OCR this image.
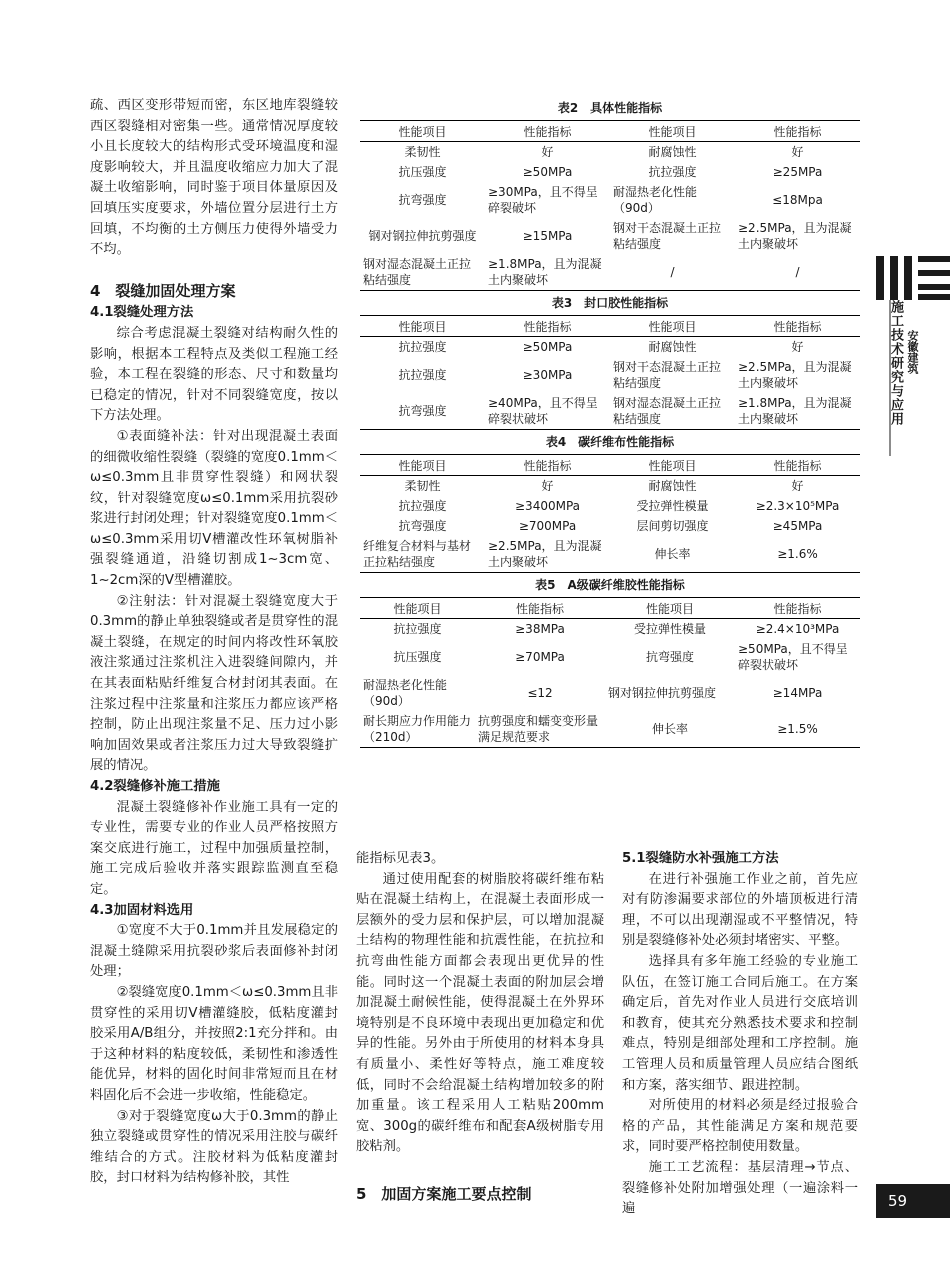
疏、西区变形带短而密，东区地库裂缝较西区裂缝相对密集一些。通常情况厚度较小且长度较大的结构形式受环境温度和湿度影响较大，并且温度收缩应力加大了混凝土收缩影响，同时鉴于项目体量原因及回填压实度要求，外墙位置分层进行土方回填，不均衡的土方侧压力使得外墙受力不均。

4　裂缝加固处理方案

4.1裂缝处理方法

综合考虑混凝土裂缝对结构耐久性的影响，根据本工程特点及类似工程施工经验，本工程在裂缝的形态、尺寸和数量均已稳定的情况，针对不同裂缝宽度，按以下方法处理。

①表面缝补法：针对出现混凝土表面的细微收缩性裂缝（裂缝的宽度0.1mm＜ω≤0.3mm且非贯穿性裂缝）和网状裂纹，针对裂缝宽度ω≤0.1mm采用抗裂砂浆进行封闭处理；针对裂缝宽度0.1mm＜ω≤0.3mm采用切V槽灌改性环氧树脂补强裂缝通道，沿缝切割成1~3cm宽、1~2cm深的V型槽灌胶。

②注射法：针对混凝土裂缝宽度大于0.3mm的静止单独裂缝或者是贯穿性的混凝土裂缝，在规定的时间内将改性环氧胶液注浆通过注浆机注入进裂缝间隙内，并在其表面粘贴纤维复合材封闭其表面。在注浆过程中注浆量和注浆压力都应该严格控制，防止出现注浆量不足、压力过小影响加固效果或者注浆压力过大导致裂缝扩展的情况。

4.2裂缝修补施工措施

混凝土裂缝修补作业施工具有一定的专业性，需要专业的作业人员严格按照方案交底进行施工，过程中加强质量控制，施工完成后验收并落实跟踪监测直至稳定。

4.3加固材料选用

①宽度不大于0.1mm并且发展稳定的混凝土缝隙采用抗裂砂浆后表面修补封闭处理；

②裂缝宽度0.1mm＜ω≤0.3mm且非贯穿性的采用切V槽灌缝胶，低粘度灌封胶采用A/B组分，并按照2:1充分拌和。由于这种材料的粘度较低，柔韧性和渗透性能优异，材料的固化时间非常短而且在材料固化后不会进一步收缩，性能稳定。

③对于裂缝宽度ω大于0.3mm的静止独立裂缝或贯穿性的情况采用注胶与碳纤维结合的方式。注胶材料为低粘度灌封胶，封口材料为结构修补胶，其性

表2　具体性能指标
性能项目	性能指标	性能项目	性能指标
柔韧性	好	耐腐蚀性	好
抗压强度	≥50MPa	抗拉强度	≥25MPa
抗弯强度	≥30MPa，且不得呈碎裂破坏	耐湿热老化性能（90d）	≤18Mpa
钢对钢拉伸抗剪强度	≥15MPa	钢对干态混凝土正拉粘结强度	≥2.5MPa，且为混凝土内聚破坏
钢对湿态混凝土正拉粘结强度	≥1.8MPa，且为混凝土内聚破坏	/	/
表3　封口胶性能指标
性能项目	性能指标	性能项目	性能指标
抗拉强度	≥50MPa	耐腐蚀性	好
抗拉强度	≥30MPa	钢对干态混凝土正拉粘结强度	≥2.5MPa，且为混凝土内聚破坏
抗弯强度	≥40MPa，且不得呈碎裂状破坏	钢对湿态混凝土正拉粘结强度	≥1.8MPa，且为混凝土内聚破坏
表4　碳纤维布性能指标
性能项目	性能指标	性能项目	性能指标
柔韧性	好	耐腐蚀性	好
抗拉强度	≥3400MPa	受拉弹性模量	≥2.3×10⁵MPa
抗弯强度	≥700MPa	层间剪切强度	≥45MPa
纤维复合材料与基材正拉粘结强度	≥2.5MPa，且为混凝土内聚破坏	伸长率	≥1.6%
表5　A级碳纤维胶性能指标
性能项目	性能指标	性能项目	性能指标
抗拉强度	≥38MPa	受拉弹性模量	≥2.4×10³MPa
抗压强度	≥70MPa	抗弯强度	≥50MPa，且不得呈碎裂状破坏
耐湿热老化性能（90d）	≤12	钢对钢拉伸抗剪强度	≥14MPa
耐长期应力作用能力（210d）	抗剪强度和蠕变变形量满足规范要求	伸长率	≥1.5%

能指标见表3。

通过使用配套的树脂胶将碳纤维布粘贴在混凝土结构上，在混凝土表面形成一层额外的受力层和保护层，可以增加混凝土结构的物理性能和抗震性能，在抗拉和抗弯曲性能方面都会表现出更优异的性能。同时这一个混凝土表面的附加层会增加混凝土耐候性能，使得混凝土在外界环境特别是不良环境中表现出更加稳定和优异的性能。另外由于所使用的材料本身具有质量小、柔性好等特点，施工难度较低，同时不会给混凝土结构增加较多的附加重量。该工程采用人工粘贴200mm宽、300g的碳纤维布和配套A级树脂专用胶粘剂。

5　加固方案施工要点控制

5.1裂缝防水补强施工方法

在进行补强施工作业之前，首先应对有防渗漏要求部位的外墙顶板进行清理，不可以出现潮湿或不平整情况，特别是裂缝修补处必须封堵密实、平整。

选择具有多年施工经验的专业施工队伍，在签订施工合同后施工。在方案确定后，首先对作业人员进行交底培训和教育，使其充分熟悉技术要求和控制难点，特别是细部处理和工序控制。施工管理人员和质量管理人员应结合图纸和方案，落实细节、跟进控制。

对所使用的材料必须是经过报验合格的产品，其性能满足方案和规范要求，同时要严格控制使用数量。

施工工艺流程：基层清理→节点、裂缝修补处附加增强处理（一遍涂料一遍

施工技术研究与应用 安徽建筑
59
